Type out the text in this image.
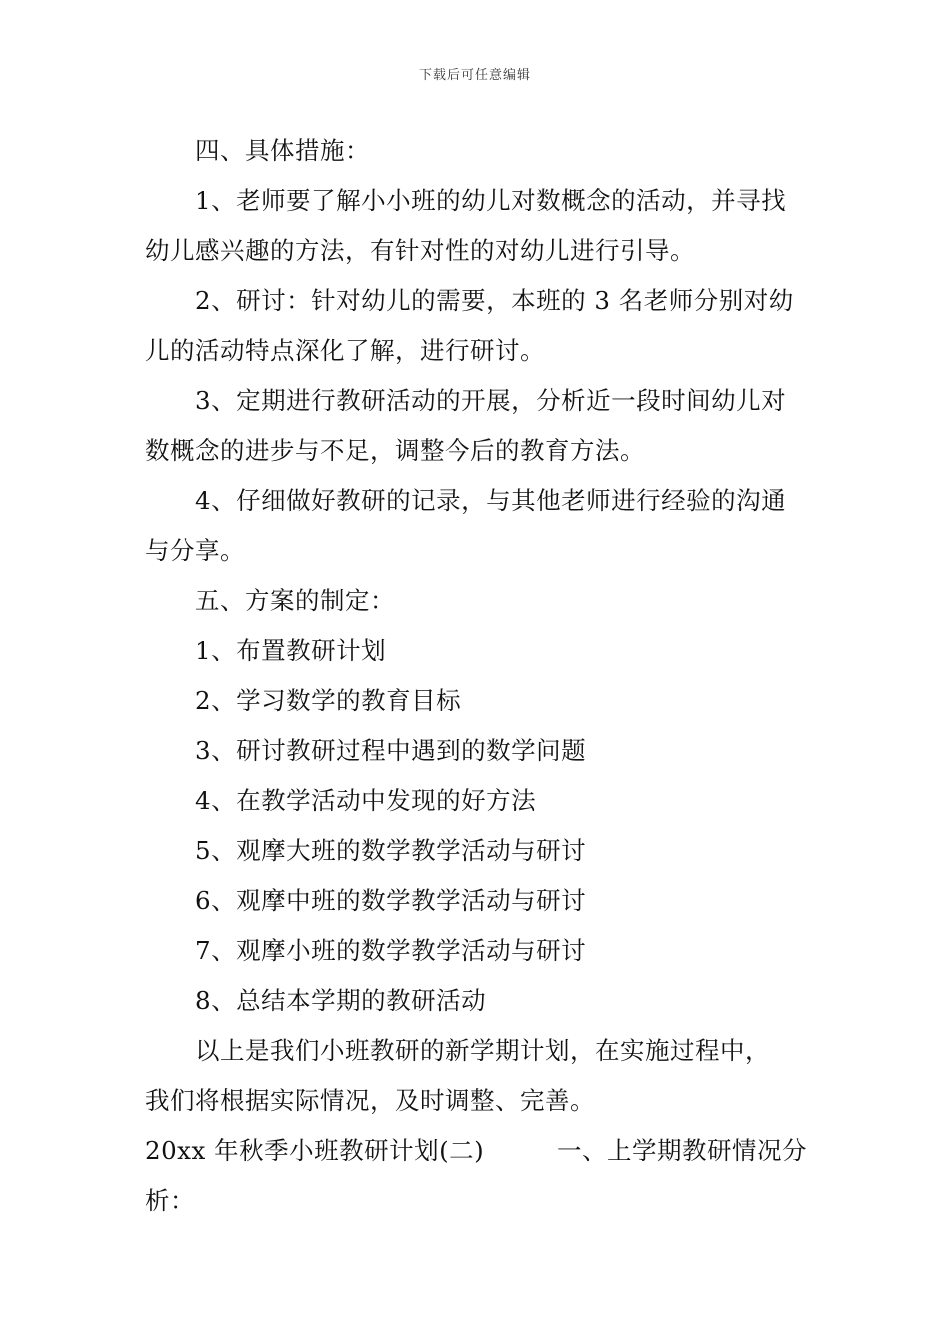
下载后可任意编辑
四、具体措施：
1、老师要了解小小班的幼儿对数概念的活动，并寻找
幼儿感兴趣的方法，有针对性的对幼儿进行引导。
2、研讨：针对幼儿的需要，本班的 3 名老师分别对幼
儿的活动特点深化了解，进行研讨。
3、定期进行教研活动的开展，分析近一段时间幼儿对
数概念的进步与不足，调整今后的教育方法。
4、仔细做好教研的记录，与其他老师进行经验的沟通
与分享。
五、方案的制定：
1、布置教研计划
2、学习数学的教育目标
3、研讨教研过程中遇到的数学问题
4、在教学活动中发现的好方法
5、观摩大班的数学教学活动与研讨
6、观摩中班的数学教学活动与研讨
7、观摩小班的数学教学活动与研讨
8、总结本学期的教研活动
以上是我们小班教研的新学期计划，在实施过程中，
我们将根据实际情况，及时调整、完善。
20xx 年秋季小班教研计划(二)	一、上学期教研情况分
析：
